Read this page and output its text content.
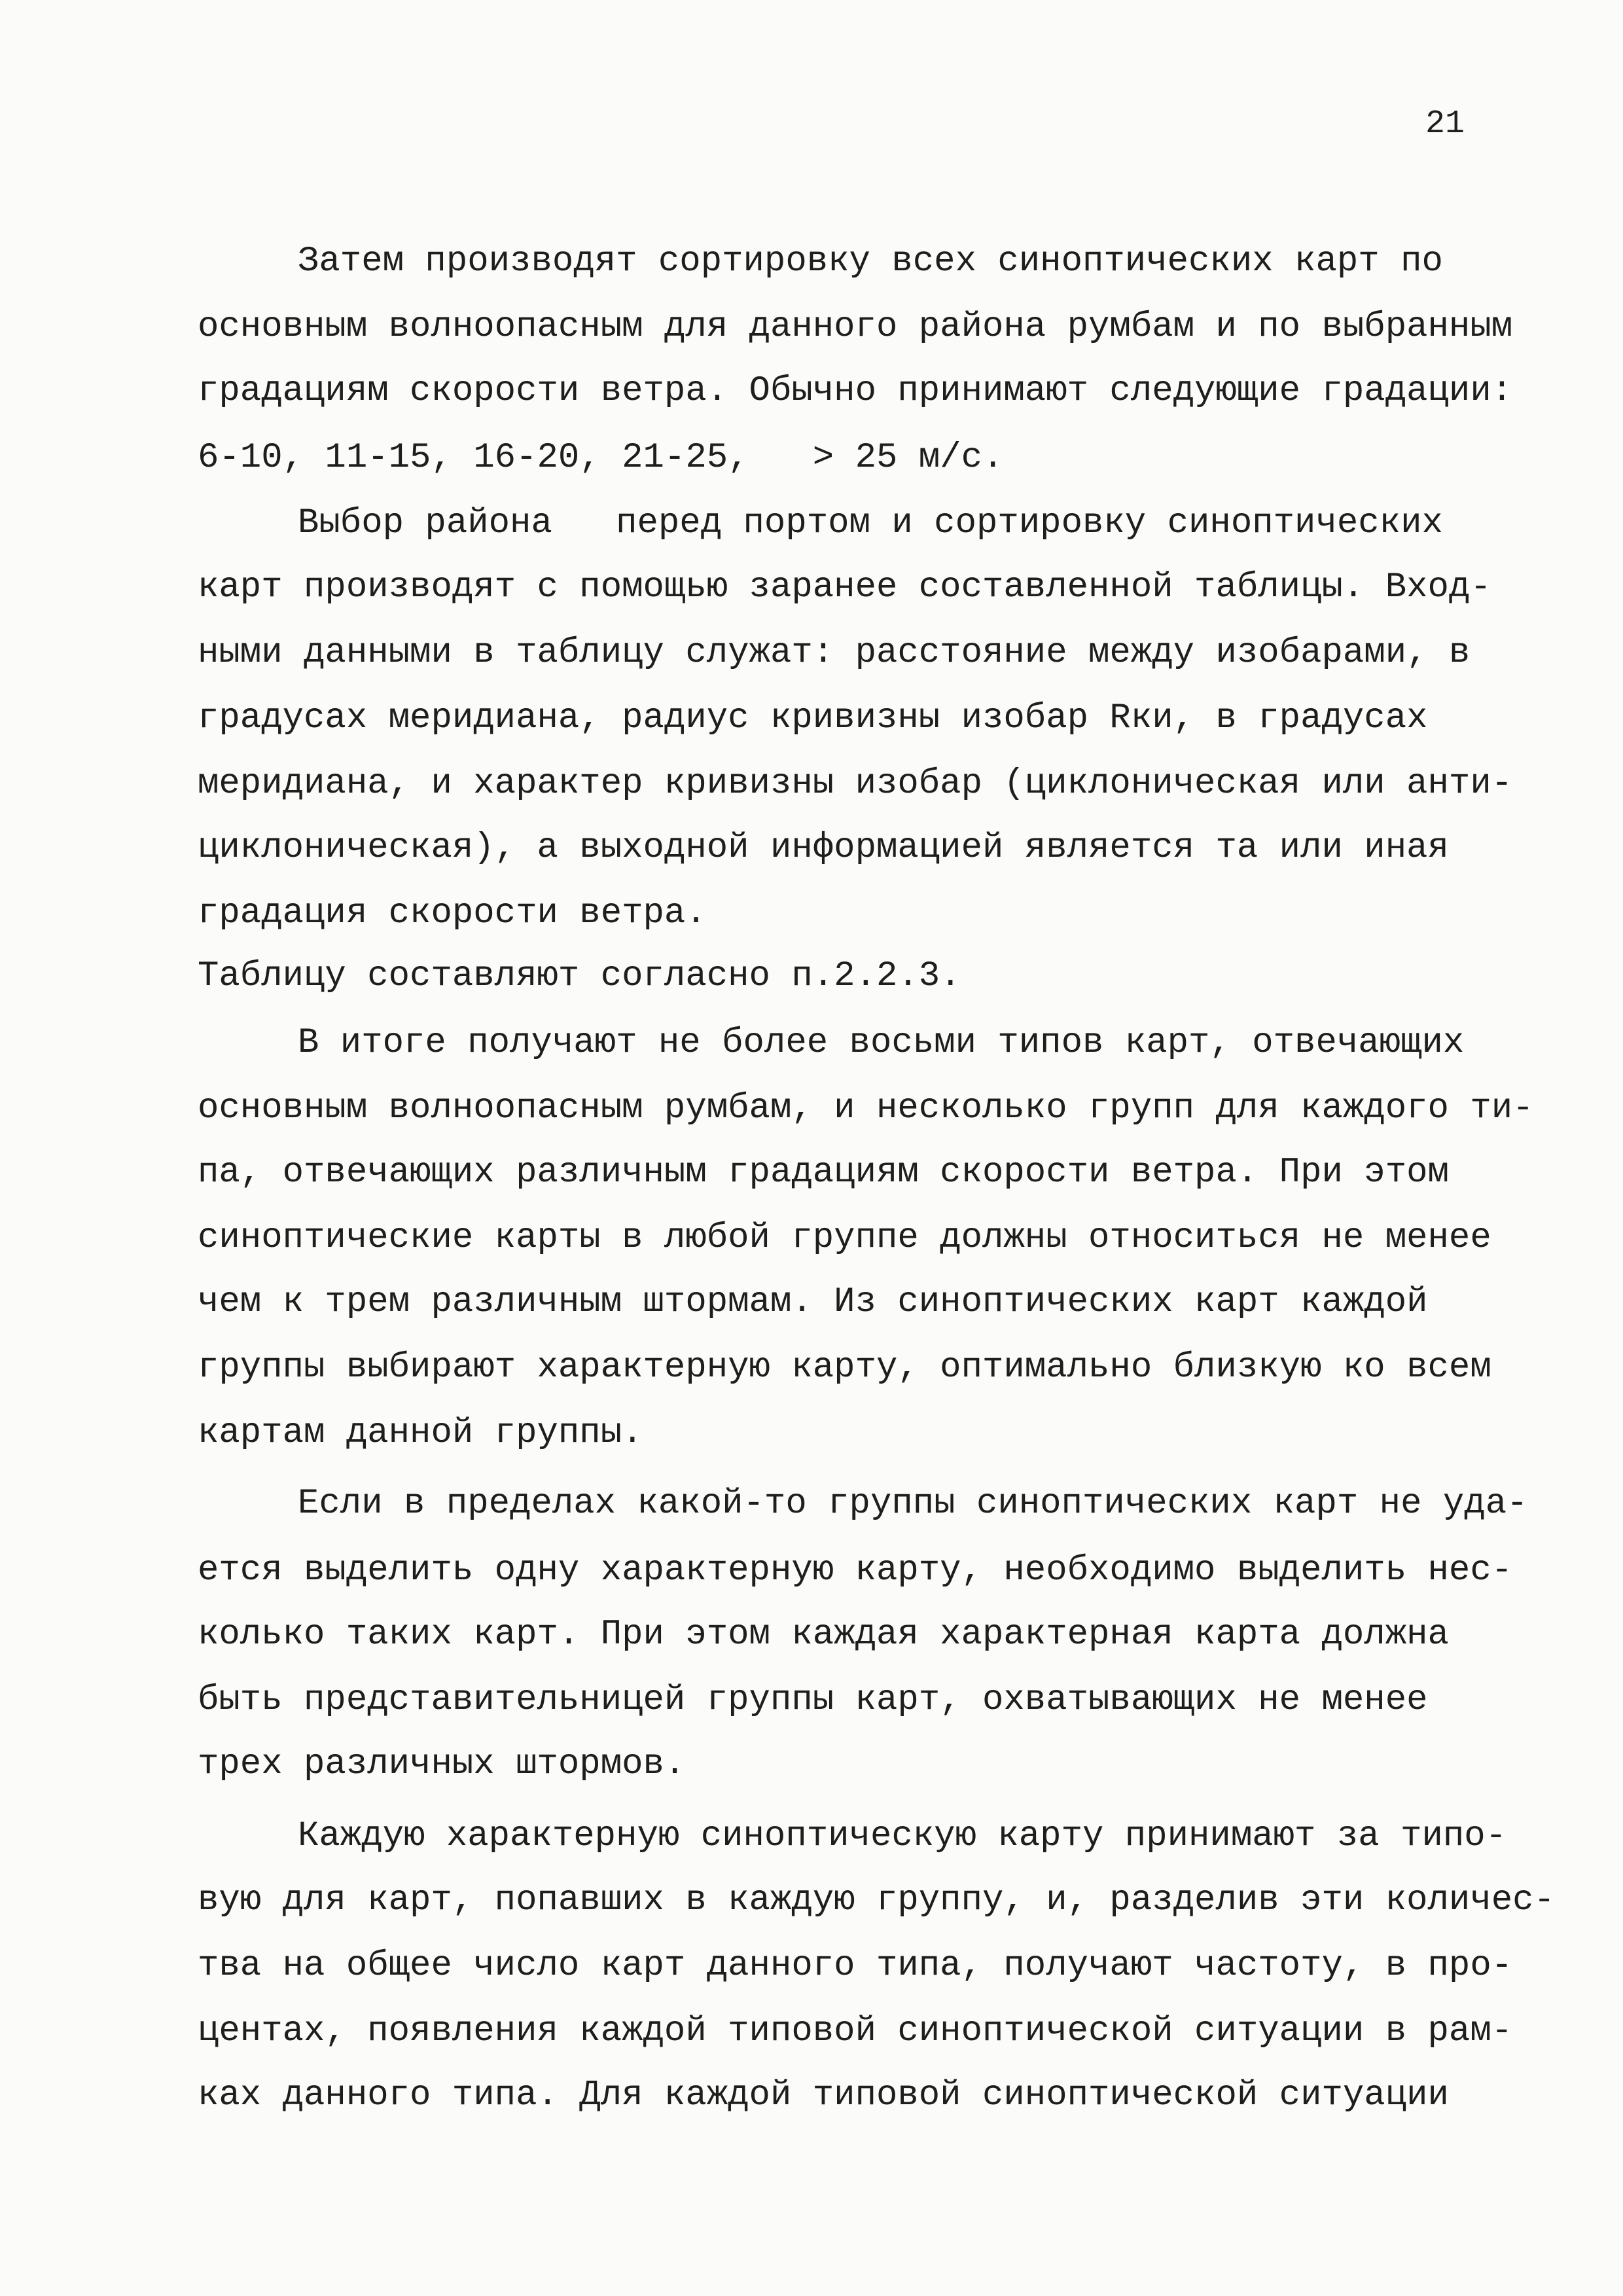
21
Затем производят сортировку всех синоптических карт по
основным волноопасным для данного района румбам и по выбранным
градациям скорости ветра. Обычно принимают следующие градации:
6-10, 11-15, 16-20, 21-25,   > 25 м/с.
Выбор района   перед портом и сортировку синоптических
карт производят с помощью заранее составленной таблицы. Вход-
ными данными в таблицу служат: расстояние между изобарами, в
градусах меридиана, радиус кривизны изобар Rки, в градусах
меридиана, и характер кривизны изобар (циклоническая или анти-
циклоническая), а выходной информацией является та или иная
градация скорости ветра.
Таблицу составляют согласно п.2.2.3.
В итоге получают не более восьми типов карт, отвечающих
основным волноопасным румбам, и несколько групп для каждого ти-
па, отвечающих различным градациям скорости ветра. При этом
синоптические карты в любой группе должны относиться не менее
чем к трем различным штормам. Из синоптических карт каждой
группы выбирают характерную карту, оптимально близкую ко всем
картам данной группы.
Если в пределах какой-то группы синоптических карт не уда-
ется выделить одну характерную карту, необходимо выделить нес-
колько таких карт. При этом каждая характерная карта должна
быть представительницей группы карт, охватывающих не менее
трех различных штормов.
Каждую характерную синоптическую карту принимают за типо-
вую для карт, попавших в каждую группу, и, разделив эти количес-
тва на общее число карт данного типа, получают частоту, в про-
центах, появления каждой типовой синоптической ситуации в рам-
ках данного типа. Для каждой типовой синоптической ситуации
